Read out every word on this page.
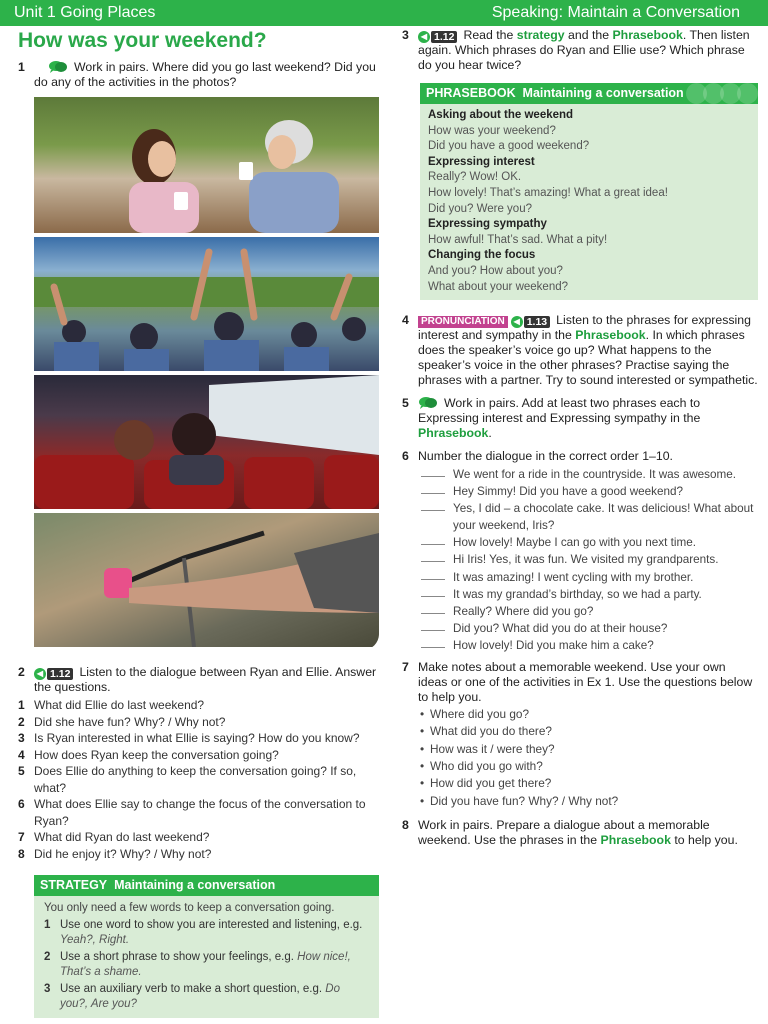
Unit 1 Going Places	Speaking: Maintain a Conversation
How was your weekend?
1	Work in pairs. Where did you go last weekend? Did you do any of the activities in the photos?
2	◀ 1.12 Listen to the dialogue between Ryan and Ellie. Answer the questions.
1 What did Ellie do last weekend?
2 Did she have fun? Why? / Why not?
3 Is Ryan interested in what Ellie is saying? How do you know?
4 How does Ryan keep the conversation going?
5 Does Ellie do anything to keep the conversation going? If so, what?
6 What does Ellie say to change the focus of the conversation to Ryan?
7 What did Ryan do last weekend?
8 Did he enjoy it? Why? / Why not?
STRATEGY Maintaining a conversation
You only need a few words to keep a conversation going.
1 Use one word to show you are interested and listening, e.g. Yeah?, Right.
2 Use a short phrase to show your feelings, e.g. How nice!, That’s a shame.
3 Use an auxiliary verb to make a short question, e.g. Do you?, Are you?
3	◀ 1.12 Read the strategy and the Phrasebook. Then listen again. Which phrases do Ryan and Ellie use? Which phrase do you hear twice?
PHRASEBOOK Maintaining a conversation
Asking about the weekend
How was your weekend?
Did you have a good weekend?
Expressing interest
Really? Wow! OK.
How lovely! That’s amazing! What a great idea!
Did you? Were you?
Expressing sympathy
How awful! That’s sad. What a pity!
Changing the focus
And you? How about you?
What about your weekend?
4 PRONUNCIATION	◀ 1.13 Listen to the phrases for expressing interest and sympathy in the Phrasebook. In which phrases does the speaker’s voice go up? What happens to the speaker’s voice in the other phrases? Practise saying the phrases with a partner. Try to sound interested or sympathetic.
5	Work in pairs. Add at least two phrases each to Expressing interest and Expressing sympathy in the Phrasebook.
6 Number the dialogue in the correct order 1–10.
We went for a ride in the countryside. It was awesome.
Hey Simmy! Did you have a good weekend?
Yes, I did – a chocolate cake. It was delicious! What about your weekend, Iris?
How lovely! Maybe I can go with you next time.
Hi Iris! Yes, it was fun. We visited my grandparents.
It was amazing! I went cycling with my brother.
It was my grandad’s birthday, so we had a party.
Really? Where did you go?
Did you? What did you do at their house?
How lovely! Did you make him a cake?
7 Make notes about a memorable weekend. Use your own ideas or one of the activities in Ex 1. Use the questions below to help you.
• Where did you go?
• What did you do there?
• How was it / were they?
• Who did you go with?
• How did you get there?
• Did you have fun? Why? / Why not?
8 Work in pairs. Prepare a dialogue about a memorable weekend. Use the phrases in the Phrasebook to help you.
